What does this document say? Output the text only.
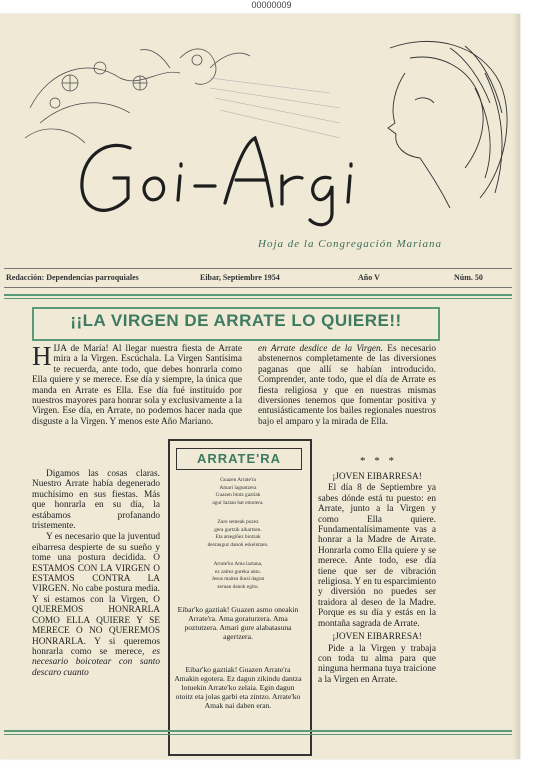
00000009
Hoja de la Congregación Mariana
Redacción: Dependencias parroquiales	Eibar, Septiembre 1954	Año V	Núm. 50
¡¡LA VIRGEN DE ARRATE LO QUIERE!!

HIJA de María! Al llegar nuestra fiesta de Arrate mira a la Virgen. Escúchala. La Virgen Santísima te recuerda, ante todo, que debes honrarla como Ella quiere y se merece. Ese día y siempre, la única que manda en Arrate es Ella. Ese día fué instituído por nuestros mayores para honrar sola y exclusivamente a la Virgen. Ese día, en Arrate, no podemos hacer nada que disguste a la Virgen. Y menos este Año Mariano.

Digamos las cosas claras. Nuestro Arrate había degenerado muchísimo en sus fiestas. Más que honrarla en su día, la estábamos profanando tristemente.

Y es necesario que la juventud eibarresa despierte de su sueño y tome una postura decidida. O ESTAMOS CON LA VIRGEN O ESTAMOS CONTRA LA VIRGEN. No cabe postura media. Y si estamos con la Virgen, O QUEREMOS HONRARLA COMO ELLA QUIERE Y SE MERECE O NO QUEREMOS HONRARLA. Y si queremos honrarla como se merece, es necesario boicotear con santo descaro cuanto

en Arrate desdice de la Virgen. Es necesario abstenernos completamente de las diversiones paganas que allí se habían introducido. Comprender, ante todo, que el día de Arrate es fiesta religiosa y que en nuestras mismas diversiones tenemos que fomentar positiva y entusiásticamente los bailes regionales nuestros bajo el amparo y la mirada de Ella.

* * *

¡JOVEN EIBARRESA!

El día 8 de Septiembre ya sabes dónde está tu puesto: en Arrate, junto a la Virgen y como Ella quiere. Fundamentalísimamente vas a honrar a la Madre de Arrate. Honrarla como Ella quiere y se merece. Ante todo, ese día tiene que ser de vibración religiosa. Y en tu esparcimiento y diversión no puedes ser traidora al deseo de la Madre. Porque es su día y estás en la montaña sagrada de Arrate.

¡JOVEN EIBARRESA!

Pide a la Virgen y trabaja con toda tu alma para que ninguna hermana tuya traicione a la Virgen en Arrate.

ARRATE'RA
Guazen Arrate'ra
Amari laguntzera
Guazen bintz gaztiak
agur Iaztan bat emotera.
Zure semeak pozez
gera gurtzik alkartzen.
Eta atsegiñez biotzak
desrauguz danok eskeintzen.
Arrate'ko Ama laztana,
ez zaitez gureka antu.
Jesus maitea ikusi dagun
zeruan danok egitu.
Eibar'ko gaztiak! Guazen asmo oneakin Arrate'ra. Ama goraturzera. Ama poztutzera. Amari gure alabatasuna agertzera.
Eibar'ko gaztiak! Guazen Arrate'ra Amakin egotera. Ez dagun zikindu dantza lotuekin Arrate'ko zelaia. Egin dagun otoitz eta jolas garbi eta zintzo. Arrate'ko Amak nai daben eran.
